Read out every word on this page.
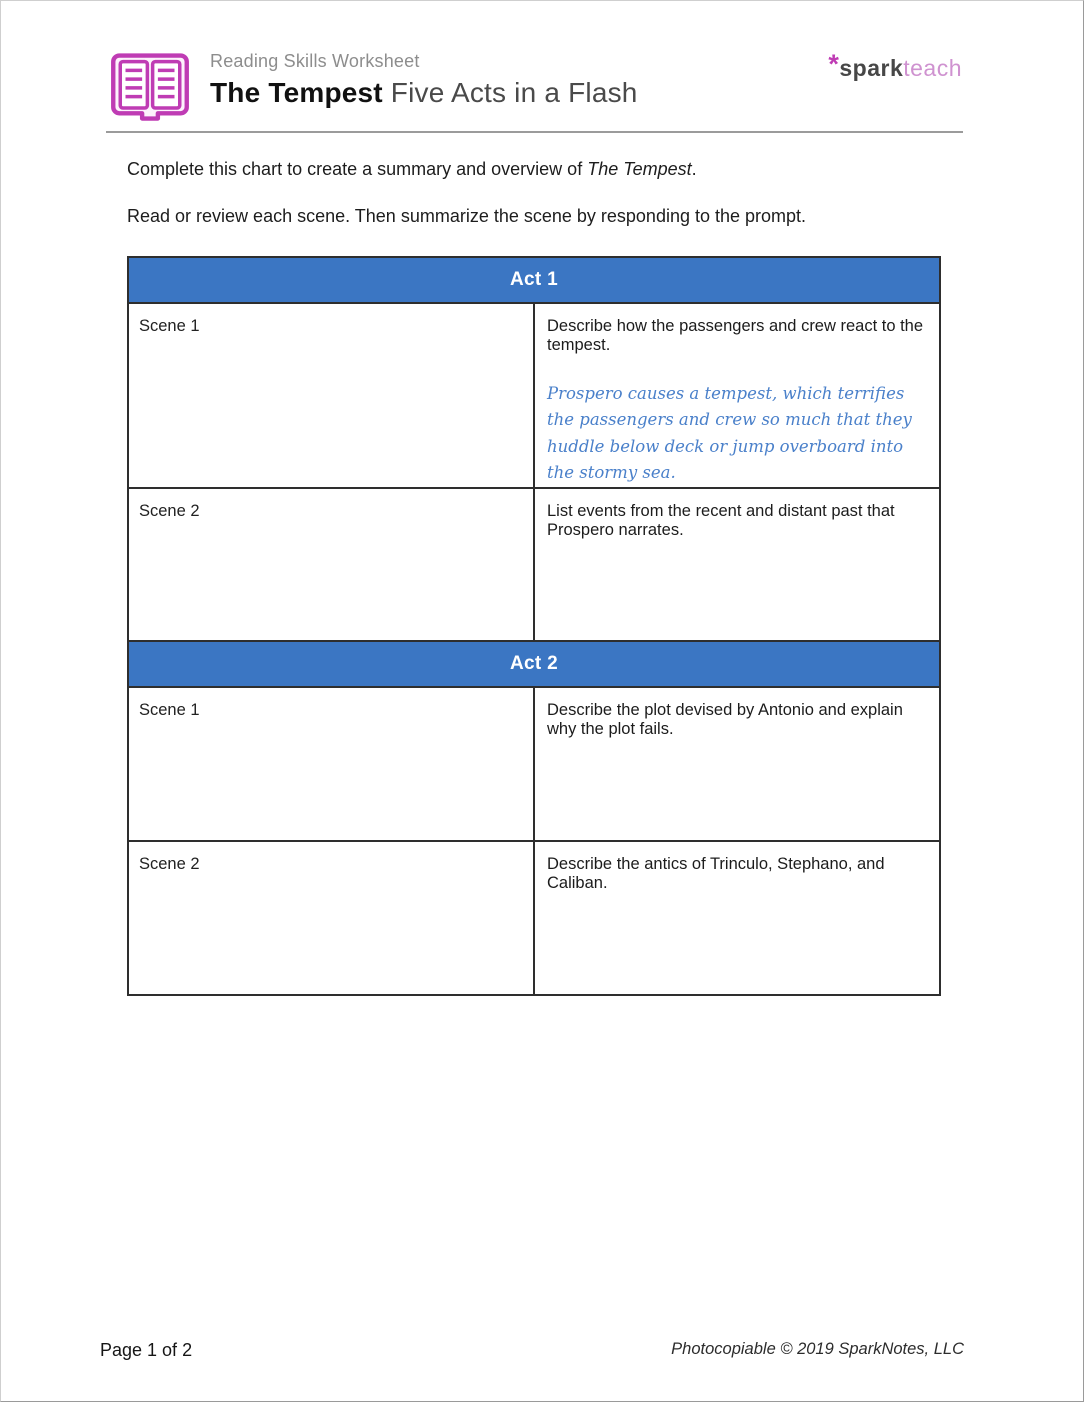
Reading Skills Worksheet
The Tempest Five Acts in a Flash
*sparkteach

Complete this chart to create a summary and overview of The Tempest.

Read or review each scene. Then summarize the scene by responding to the prompt.

Act 1	
Scene 1	Describe how the passengers and crew react to the tempest.
Prospero causes a tempest, which terrifies the passengers and crew so much that they huddle below deck or jump overboard into the stormy sea.

Scene 2	List events from the recent and distant past that Prospero narrates.

Act 2	
Scene 1	Describe the plot devised by Antonio and explain why the plot fails.

Scene 2	Describe the antics of Trinculo, Stephano, and Caliban.
Page 1 of 2	Photocopiable © 2019 SparkNotes, LLC
